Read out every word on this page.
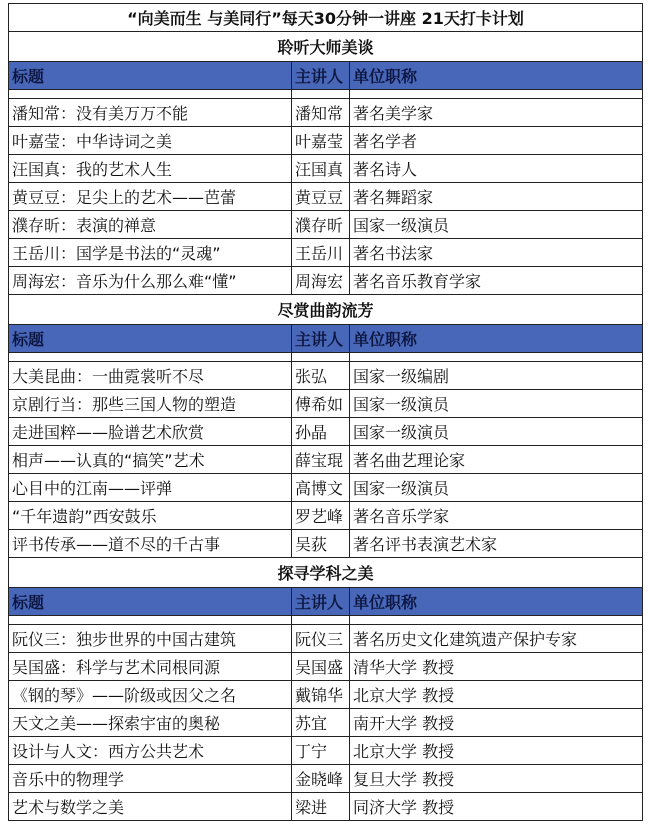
“向美而生 与美同行”每天30分钟一讲座 21天打卡计划		
聆听大师美谈		
标题	主讲人	单位职称

潘知常：没有美万万不能	潘知常	著名美学家
叶嘉莹：中华诗词之美	叶嘉莹	著名学者
汪国真：我的艺术人生	汪国真	著名诗人
黄豆豆：足尖上的艺术——芭蕾	黄豆豆	著名舞蹈家
濮存昕：表演的禅意	濮存昕	国家一级演员
王岳川：国学是书法的“灵魂”	王岳川	著名书法家
周海宏：音乐为什么那么难“懂”	周海宏	著名音乐教育学家
尽赏曲韵流芳		
标题	主讲人	单位职称

大美昆曲：一曲霓裳听不尽	张弘	国家一级编剧
京剧行当：那些三国人物的塑造	傅希如	国家一级演员
走进国粹——脸谱艺术欣赏	孙晶	国家一级演员
相声——认真的“搞笑”艺术	薛宝琨	著名曲艺理论家
心目中的江南——评弹	高博文	国家一级演员
“千年遗韵”西安鼓乐	罗艺峰	著名音乐学家
评书传承——道不尽的千古事	吴荻	著名评书表演艺术家
探寻学科之美		
标题	主讲人	单位职称

阮仪三：独步世界的中国古建筑	阮仪三	著名历史文化建筑遗产保护专家
吴国盛：科学与艺术同根同源	吴国盛	清华大学 教授
《钢的琴》——阶级或因父之名	戴锦华	北京大学 教授
天文之美——探索宇宙的奥秘	苏宜	南开大学 教授
设计与人文：西方公共艺术	丁宁	北京大学 教授
音乐中的物理学	金晓峰	复旦大学 教授
艺术与数学之美	梁进	同济大学 教授
